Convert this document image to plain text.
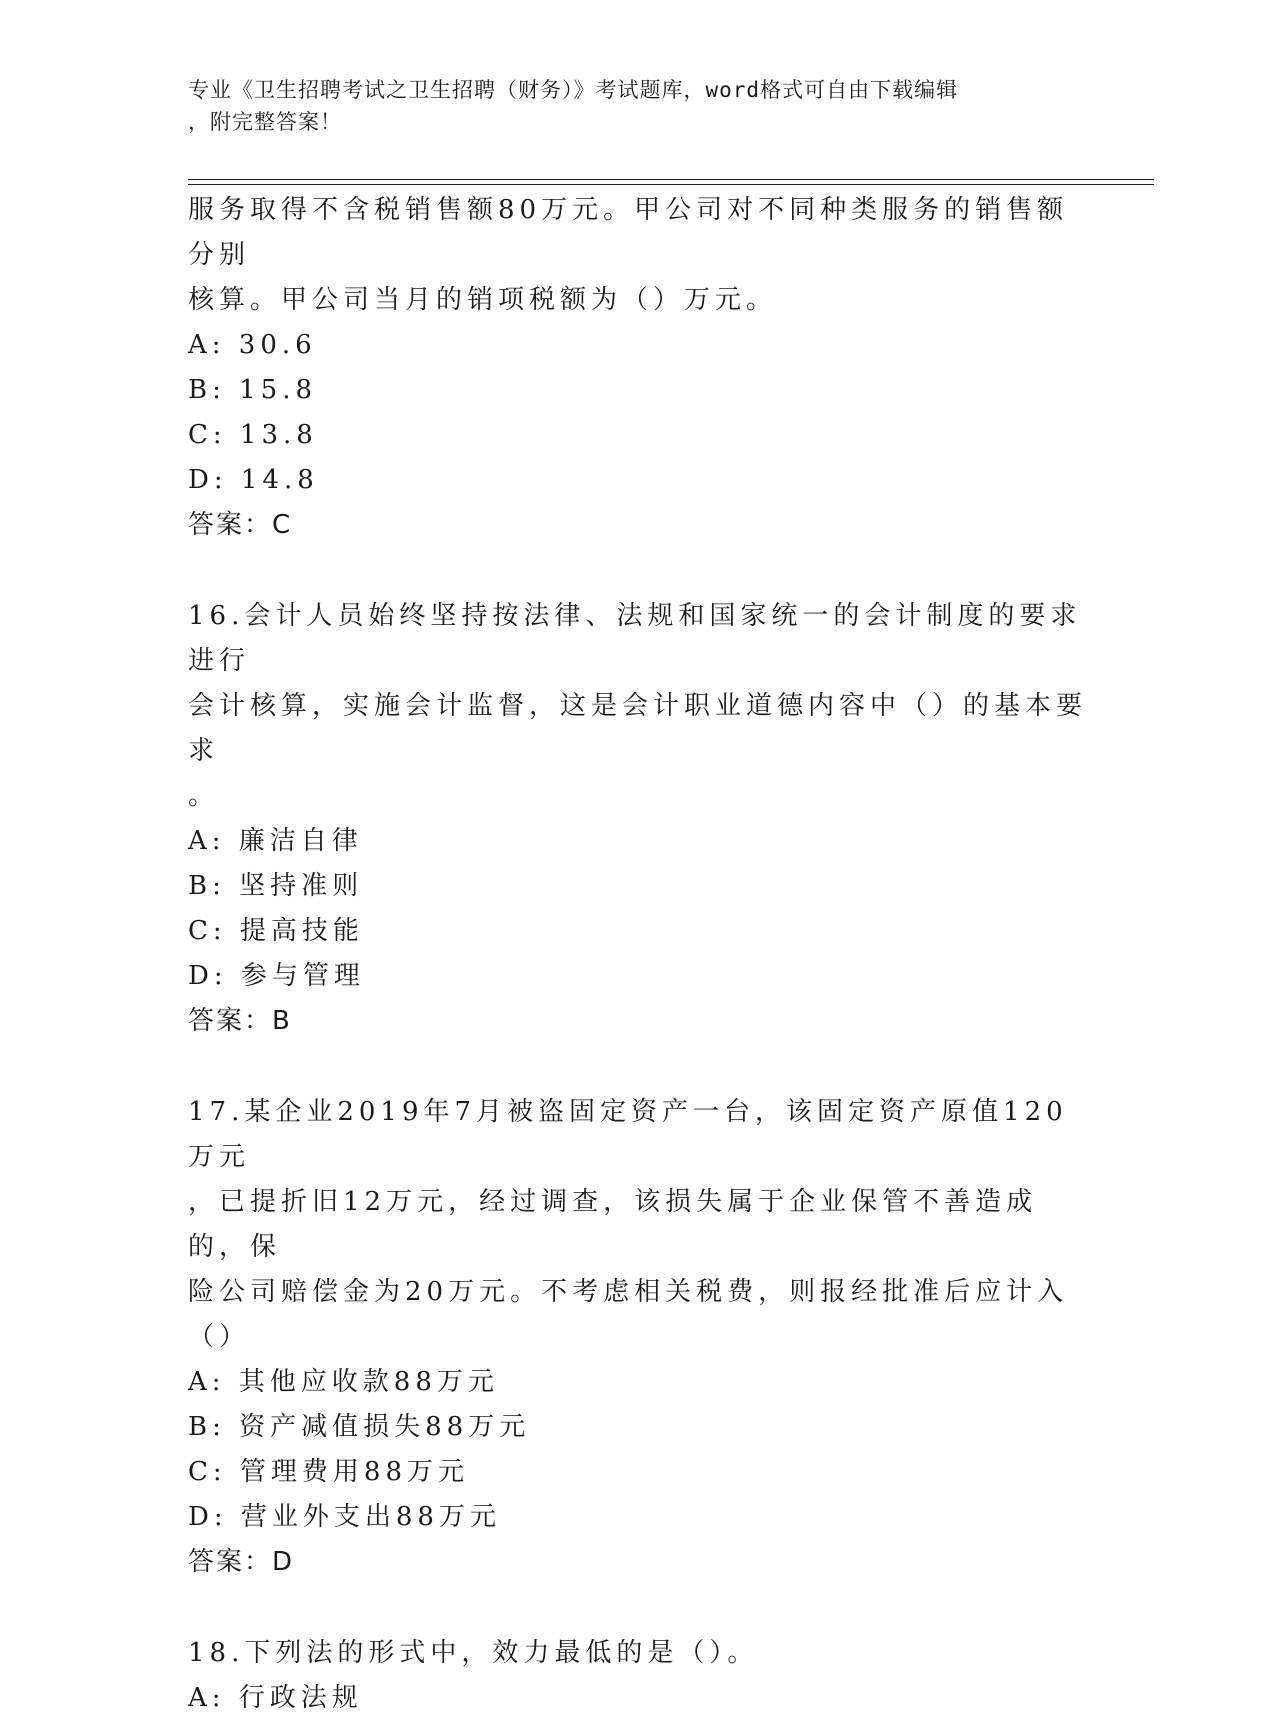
专业《卫生招聘考试之卫生招聘（财务）》考试题库，word格式可自由下载编辑
，附完整答案！

服务取得不含税销售额80万元。甲公司对不同种类服务的销售额分别

核算。甲公司当月的销项税额为（）万元。

A: 30.6

B: 15.8

C: 13.8

D: 14.8

答案：C

16.会计人员始终坚持按法律、法规和国家统一的会计制度的要求进行

会计核算，实施会计监督，这是会计职业道德内容中（）的基本要求

。

A: 廉洁自律

B: 坚持准则

C: 提高技能

D: 参与管理

答案：B

17.某企业2019年7月被盗固定资产一台，该固定资产原值120万元

，已提折旧12万元，经过调查，该损失属于企业保管不善造成的，保

险公司赔偿金为20万元。不考虑相关税费，则报经批准后应计入（）

A: 其他应收款88万元

B: 资产减值损失88万元

C: 管理费用88万元

D: 营业外支出88万元

答案：D

18.下列法的形式中，效力最低的是（）。

A: 行政法规
